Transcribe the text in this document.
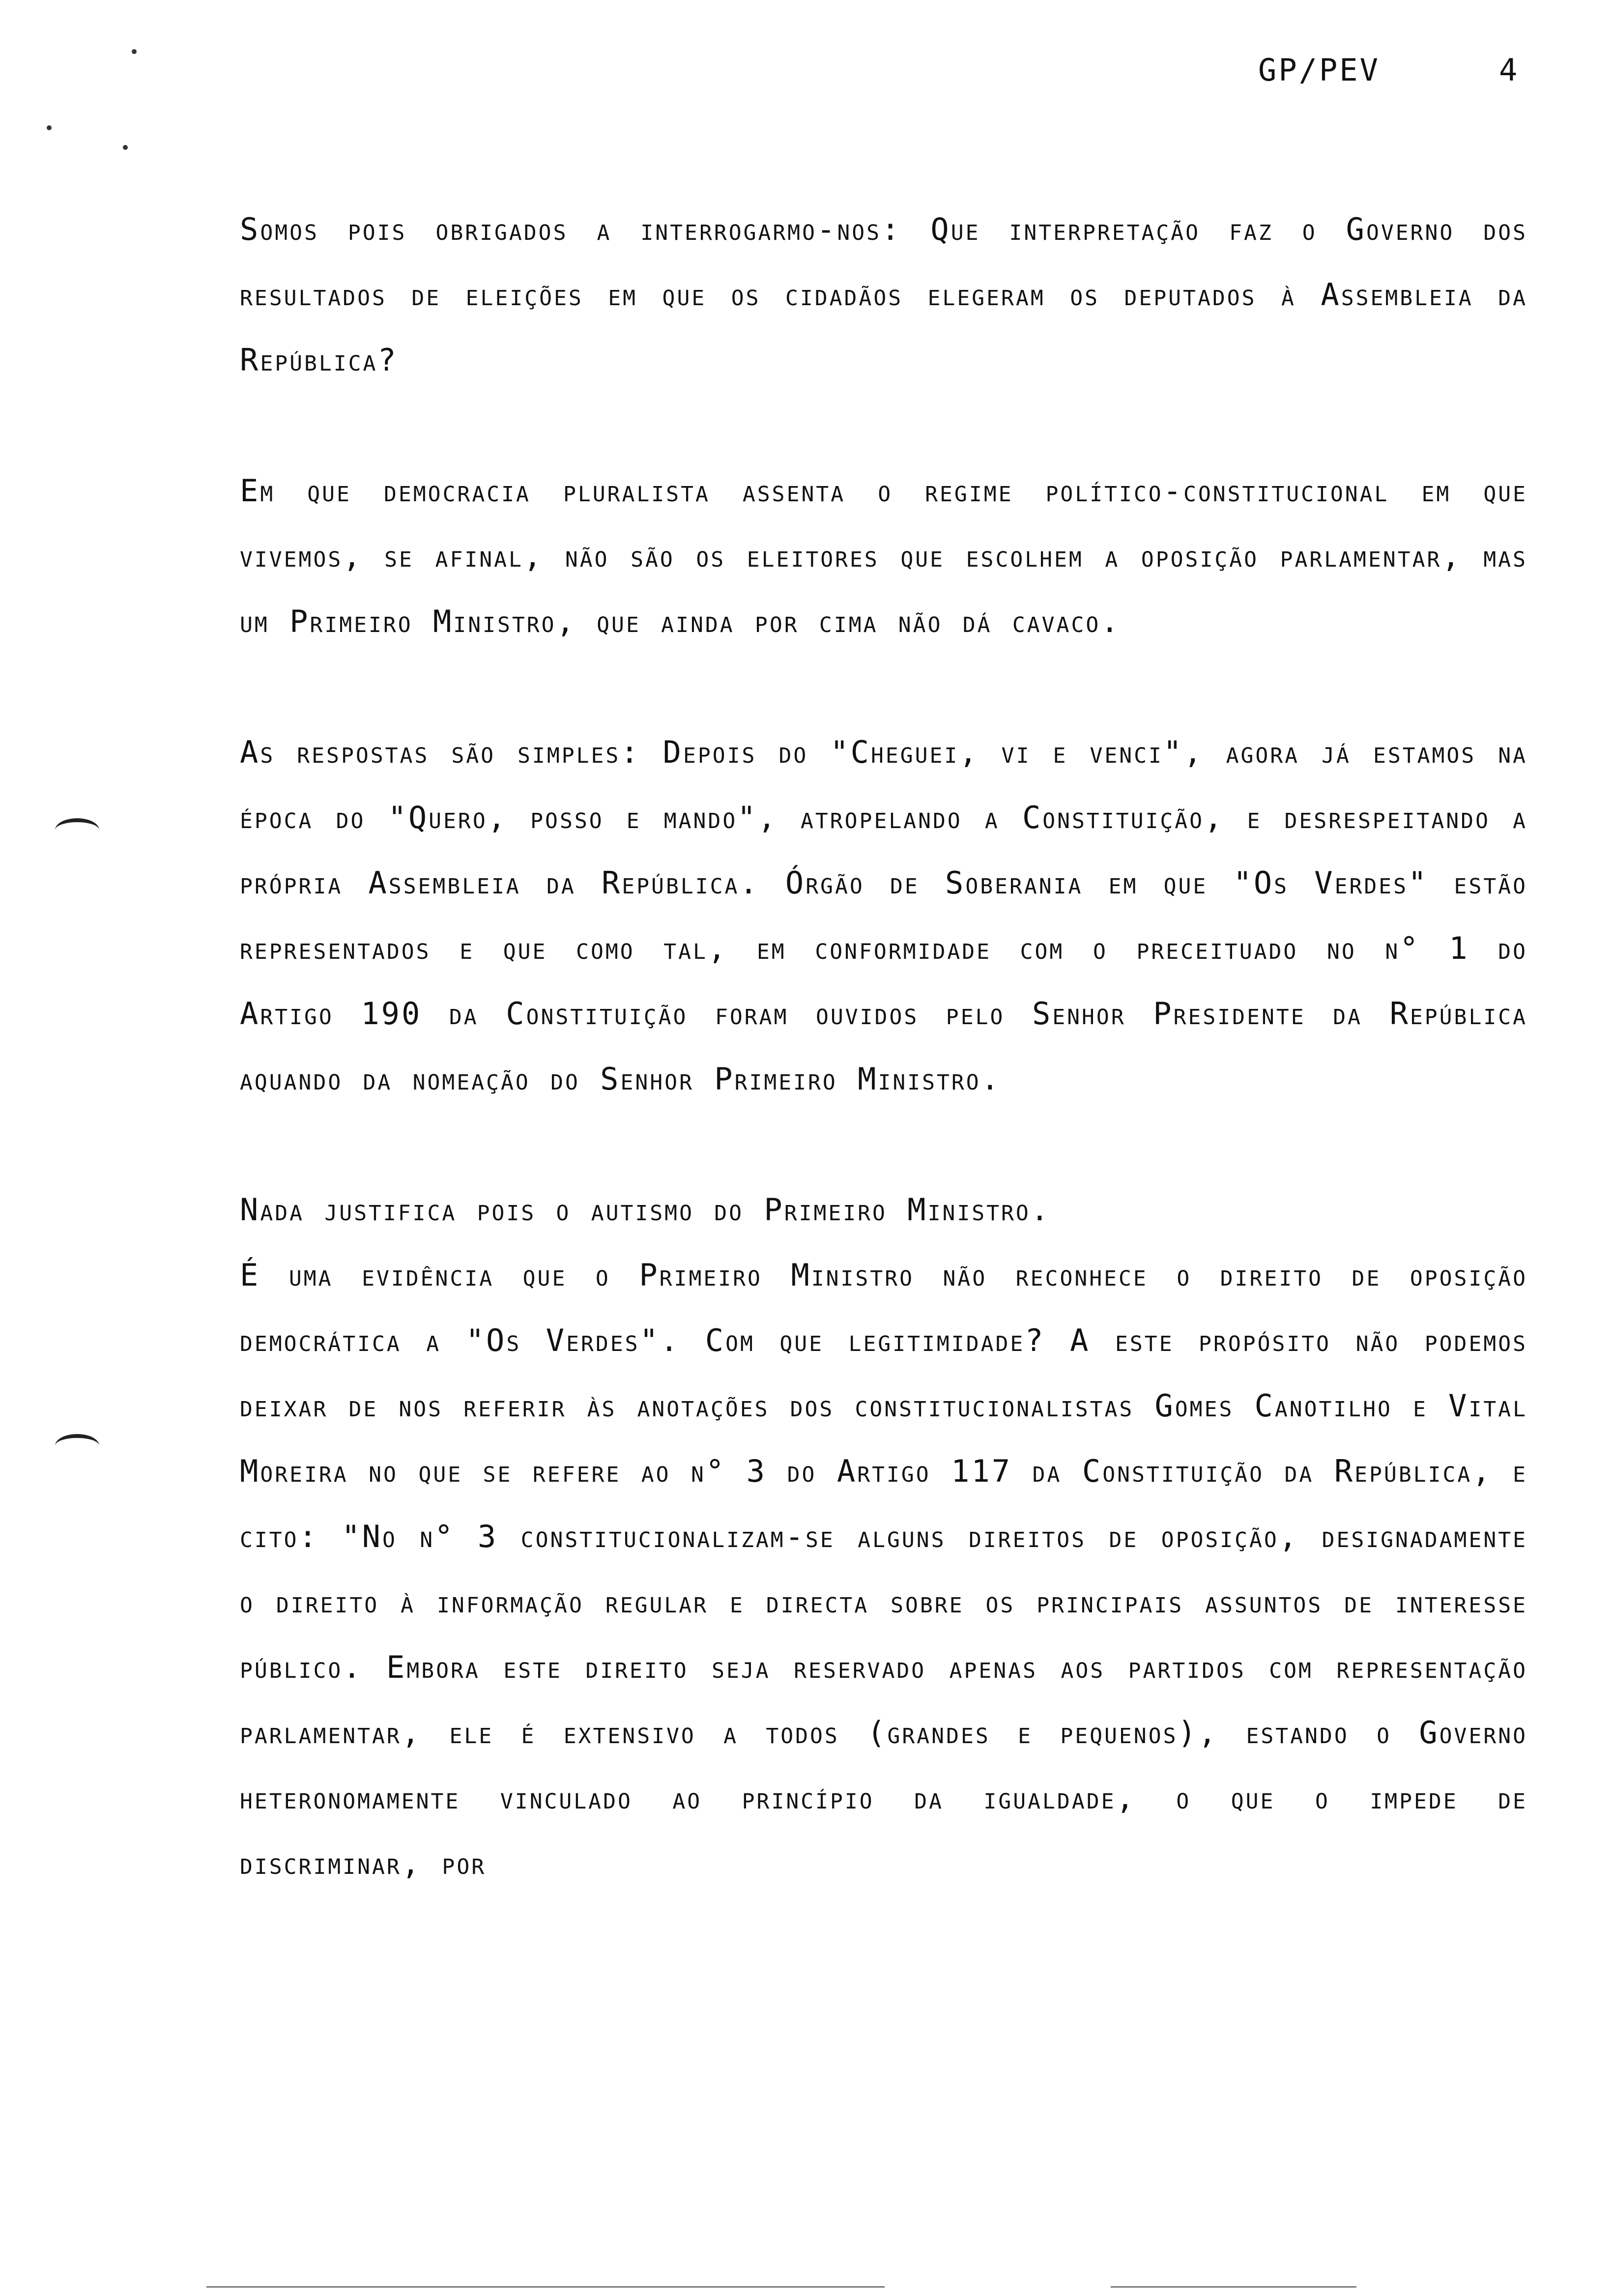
GP/PEV	4

Somos pois obrigados a interrogarmo-nos: Que interpretação faz o Governo dos resultados de eleições em que os cidadãos elegeram os deputados à Assembleia da República?

Em que democracia pluralista assenta o regime político-constitucional em que vivemos, se afinal, não são os eleitores que escolhem a oposição parlamentar, mas um Primeiro Ministro, que ainda por cima não dá cavaco.

As respostas são simples: Depois do "Cheguei, vi e venci", agora já estamos na época do "Quero, posso e mando", atropelando a Constituição, e desrespeitando a própria Assembleia da República. Órgão de Soberania em que "Os Verdes" estão representados e que como tal, em conformidade com o preceituado no n° 1 do Artigo 190 da Constituição foram ouvidos pelo Senhor Presidente da República aquando da nomeação do Senhor Primeiro Ministro.

Nada justifica pois o autismo do Primeiro Ministro.

É uma evidência que o Primeiro Ministro não reconhece o direito de oposição democrática a "Os Verdes". Com que legitimidade? A este propósito não podemos deixar de nos referir às anotações dos constitucionalistas Gomes Canotilho e Vital Moreira no que se refere ao n° 3 do Artigo 117 da Constituição da República, e cito: "No n° 3 constitucionalizam-se alguns direitos de oposição, designadamente o direito à informação regular e directa sobre os principais assuntos de interesse público. Embora este direito seja reservado apenas aos partidos com representação parlamentar, ele é extensivo a todos (grandes e pequenos), estando o Governo heteronomamente vinculado ao princípio da igualdade, o que o impede de discriminar, por
